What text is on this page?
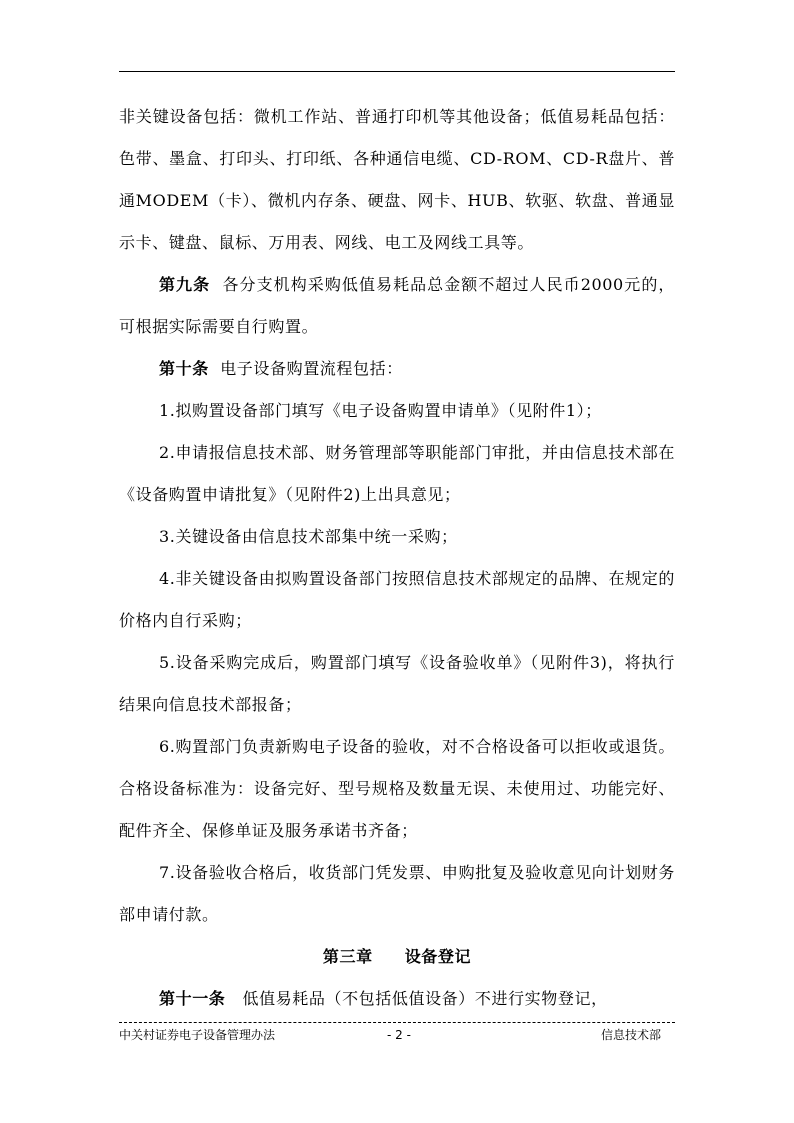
非关键设备包括：微机工作站、普通打印机等其他设备；低值易耗品包括：色带、墨盒、打印头、打印纸、各种通信电缆、CD-ROM、CD-R盘片、普通MODEM（卡）、微机内存条、硬盘、网卡、HUB、软驱、软盘、普通显示卡、键盘、鼠标、万用表、网线、电工及网线工具等。

第九条 各分支机构采购低值易耗品总金额不超过人民币2000元的，可根据实际需要自行购置。

第十条 电子设备购置流程包括：

1.拟购置设备部门填写《电子设备购置申请单》（见附件1）；

2.申请报信息技术部、财务管理部等职能部门审批，并由信息技术部在《设备购置申请批复》（见附件2)上出具意见；

3.关键设备由信息技术部集中统一采购；

4.非关键设备由拟购置设备部门按照信息技术部规定的品牌、在规定的价格内自行采购；

5.设备采购完成后，购置部门填写《设备验收单》（见附件3)，将执行结果向信息技术部报备；

6.购置部门负责新购电子设备的验收，对不合格设备可以拒收或退货。合格设备标准为：设备完好、型号规格及数量无误、未使用过、功能完好、配件齐全、保修单证及服务承诺书齐备；

7.设备验收合格后，收货部门凭发票、申购批复及验收意见向计划财务部申请付款。

第三章 设备登记

第十一条 低值易耗品（不包括低值设备）不进行实物登记，

中关村证券电子设备管理办法	- 2 -	信息技术部
